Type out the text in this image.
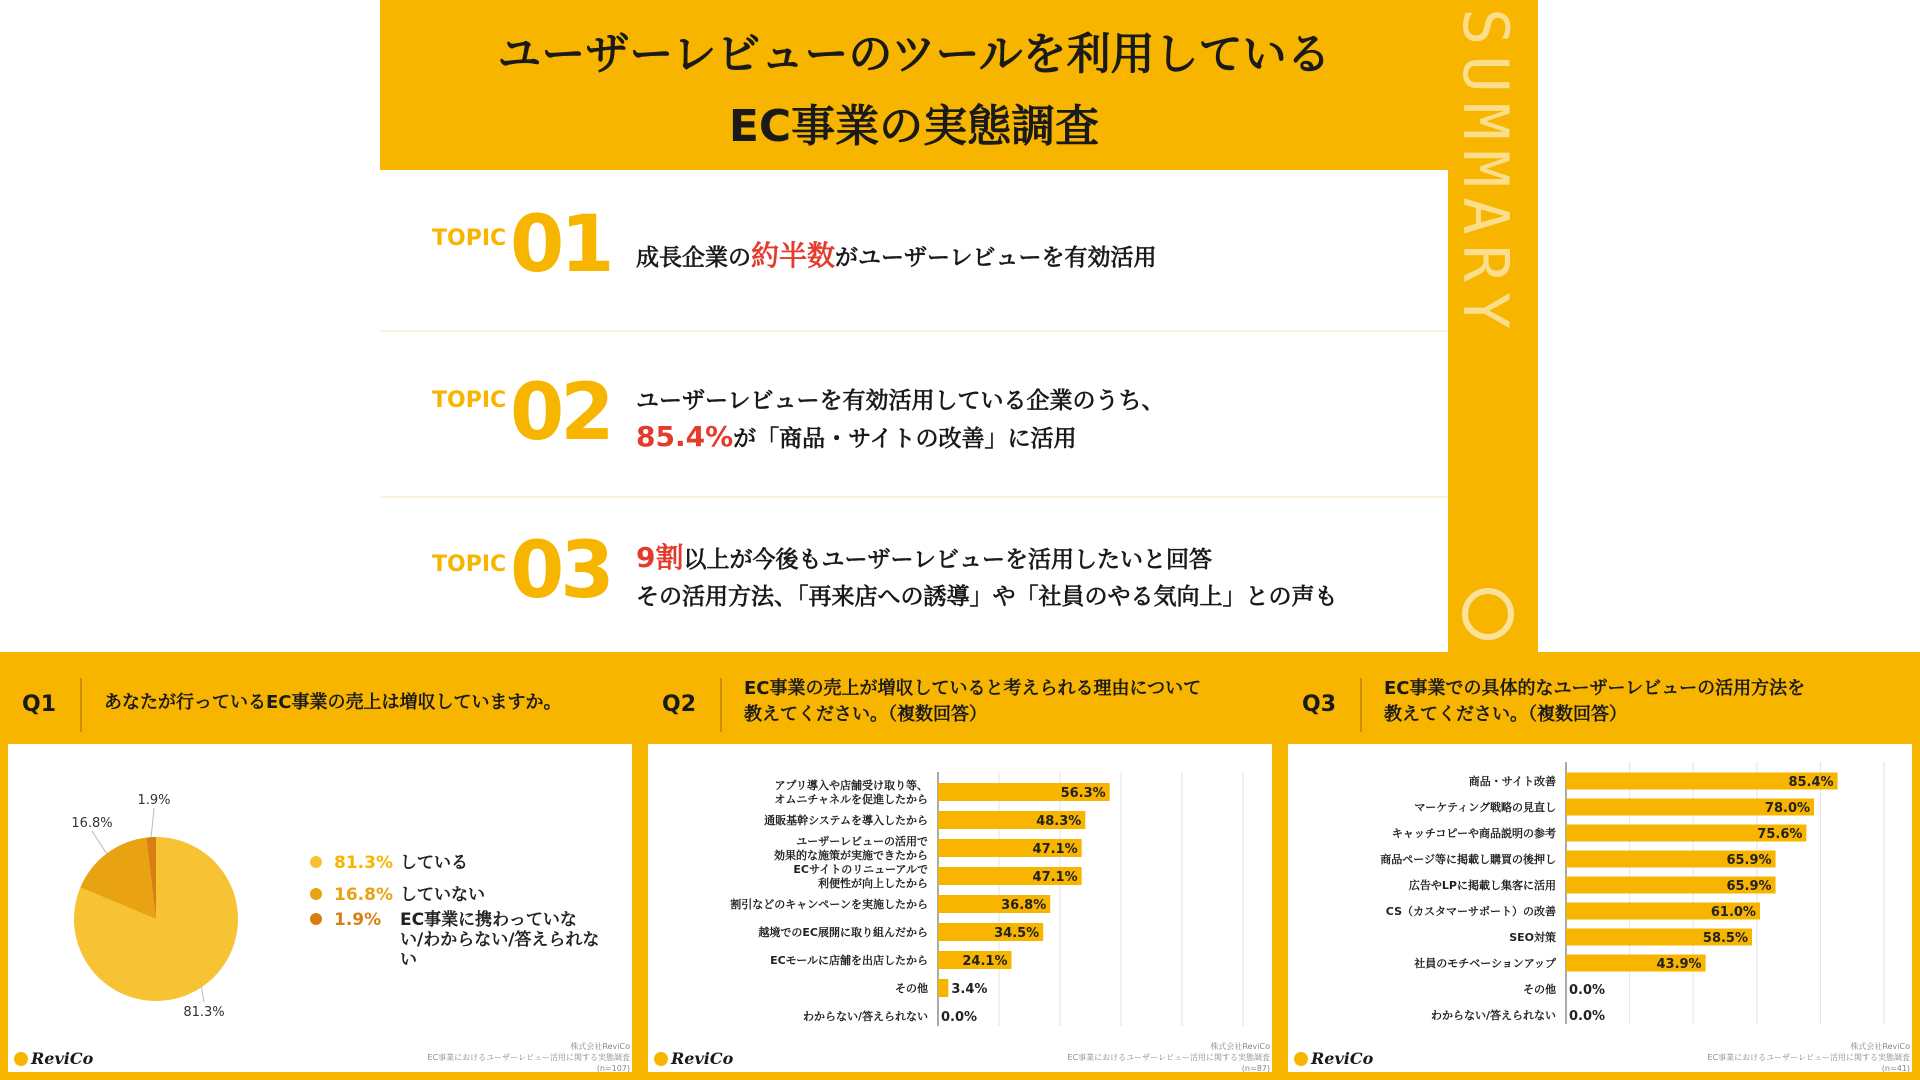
ユーザーレビューのツールを利用している
EC事業の実態調査	SUMMARY
TOPIC 01 成長企業の約半数がユーザーレビューを有効活用
TOPIC 02 ユーザーレビューを有効活用している企業のうち、
85.4%が「商品・サイトの改善」に活用
TOPIC 03 9割以上が今後もユーザーレビューを活用したいと回答
その活用方法、「再来店への誘導」や「社員のやる気向上」との声も
Q1	あなたが行っているEC事業の売上は増収していますか。
81.3%
16.8%
1.9%
81.3% している
16.8% していない
1.9% EC事業に携わっていない/わからない/答えられない
ReviCo
株式会社ReviCo
EC事業におけるユーザーレビュー活用に関する実態調査
(n=107)
Q2
EC事業の売上が増収していると考えられる理由について
教えてください。（複数回答）
56.3%
アプリ導入や店舗受け取り等、
オムニチャネルを促進したから
48.3%
通販基幹システムを導入したから
47.1%
ユーザーレビューの活用で
効果的な施策が実施できたから
47.1%
ECサイトのリニューアルで
利便性が向上したから
36.8%
割引などのキャンペーンを実施したから
34.5%
越境でのEC展開に取り組んだから
24.1%
ECモールに店舗を出店したから
3.4%
その他
0.0%
わからない/答えられない
ReviCo
株式会社ReviCo
EC事業におけるユーザーレビュー活用に関する実態調査
(n=87)
Q3
EC事業での具体的なユーザーレビューの活用方法を
教えてください。（複数回答）
85.4%
商品・サイト改善
78.0%
マーケティング戦略の見直し
75.6%
キャッチコピーや商品説明の参考
65.9%
商品ページ等に掲載し購買の後押し
65.9%
広告やLPに掲載し集客に活用
61.0%
CS（カスタマーサポート）の改善
58.5%
SEO対策
43.9%
社員のモチベーションアップ
0.0%
その他
0.0%
わからない/答えられない
ReviCo
株式会社ReviCo
EC事業におけるユーザーレビュー活用に関する実態調査
(n=41)
